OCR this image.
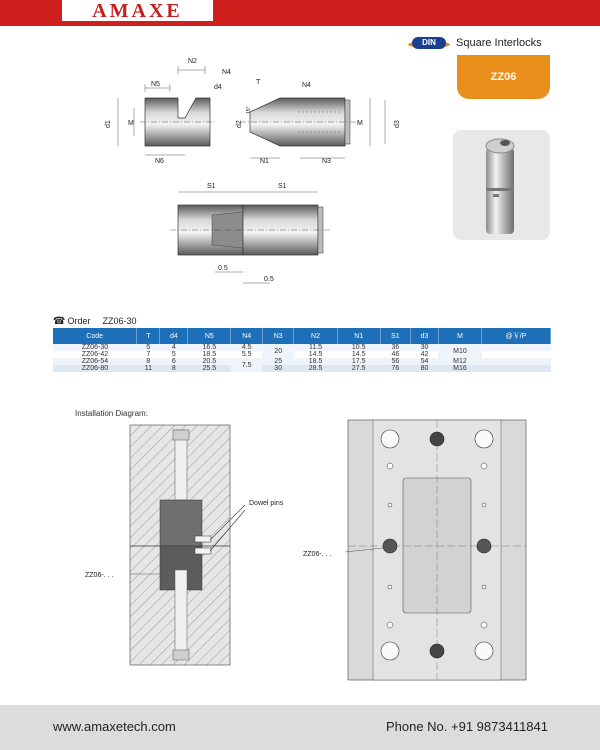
AMAXE
DIN	Square Interlocks
ZZ06
N5
N2
N4
d4
N6
d1 M
T	N4
15°
d2	M	d3
N1	N3
S1	S1
0.5
0.5
Dowel pins
ZZ06-. . .
ZZ06-. . .
☎ Order ZZ06-30
Code	T	d4	N5	N4	N3	N2	N1	S1	d3	M	@￥/P
ZZ06-30	5	4	16.5	4.5	20	11.5	10.5	36	30	M10	
ZZ06-42	7	5	18.5	5.5		14.5	14.5	46	42		
ZZ06-54	8	6	20.5	7.5	25	18.5	17.5	56	54	M12	
ZZ06-80	11	8	25.5		30	28.5	27.5	76	80	M16	
Installation Diagram:
www.amaxetech.com	Phone No. +91 9873411841
